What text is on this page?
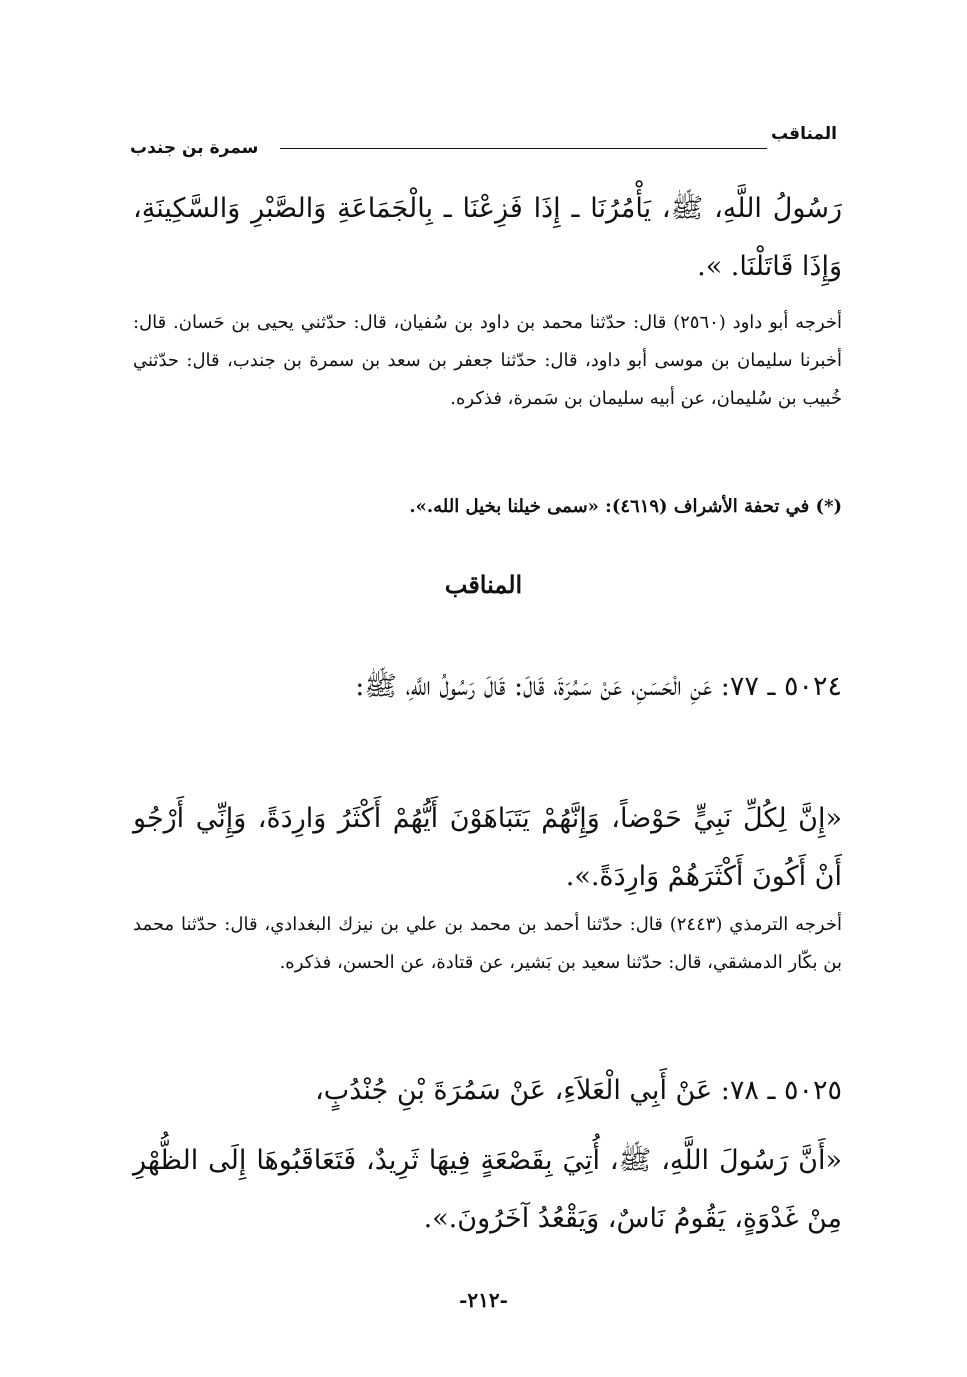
المناقب
سمرة بن جندب
رَسُولُ اللَّهِ، ﷺ، يَأْمُرُنَا ـ إِذَا فَزِعْنَا ـ بِالْجَمَاعَةِ وَالصَّبْرِ وَالسَّكِينَةِ، وَإِذَا قَاتَلْنَا. ».
أخرجه أبو داود (٢٥٦٠) قال: حدّثنا محمد بن داود بن سُفيان، قال: حدّثني يحيى بن حَسان. قال: أخبرنا سليمان بن موسى أبو داود، قال: حدّثنا جعفر بن سعد بن سمرة بن جندب، قال: حدّثني خُبيب بن سُليمان، عن أبيه سليمان بن سَمرة، فذكره.
(*) في تحفة الأشراف (٤٦١٩): «سمى خيلنا بخيل الله.».
المناقب
٥٠٢٤ ـ ٧٧: عَنِ الْحَسَنِ، عَنْ سَمُرَةَ، قَالَ: قَالَ رَسُولُ اللَّهِ، ﷺ:
«إِنَّ لِكُلِّ نَبِيٍّ حَوْضاً، وَإِنَّهُمْ يَتَبَاهَوْنَ أَيُّهُمْ أَكْثَرُ وَارِدَةً، وَإِنِّي أَرْجُو أَنْ أَكُونَ أَكْثَرَهُمْ وَارِدَةً.».
أخرجه الترمذي (٢٤٤٣) قال: حدّثنا أحمد بن محمد بن علي بن نيزك البغدادي، قال: حدّثنا محمد بن بكّار الدمشقي، قال: حدّثنا سعيد بن بَشير، عن قتادة، عن الحسن، فذكره.
٥٠٢٥ ـ ٧٨: عَنْ أَبِي الْعَلاَءِ، عَنْ سَمُرَةَ بْنِ جُنْدُبٍ،
«أَنَّ رَسُولَ اللَّهِ، ﷺ، أُتِيَ بِقَصْعَةٍ فِيهَا ثَرِيدٌ، فَتَعَاقَبُوهَا إِلَى الظُّهْرِ مِنْ غَدْوَةٍ، يَقُومُ نَاسٌ، وَيَقْعُدُ آخَرُونَ.».
-٢١٢-
